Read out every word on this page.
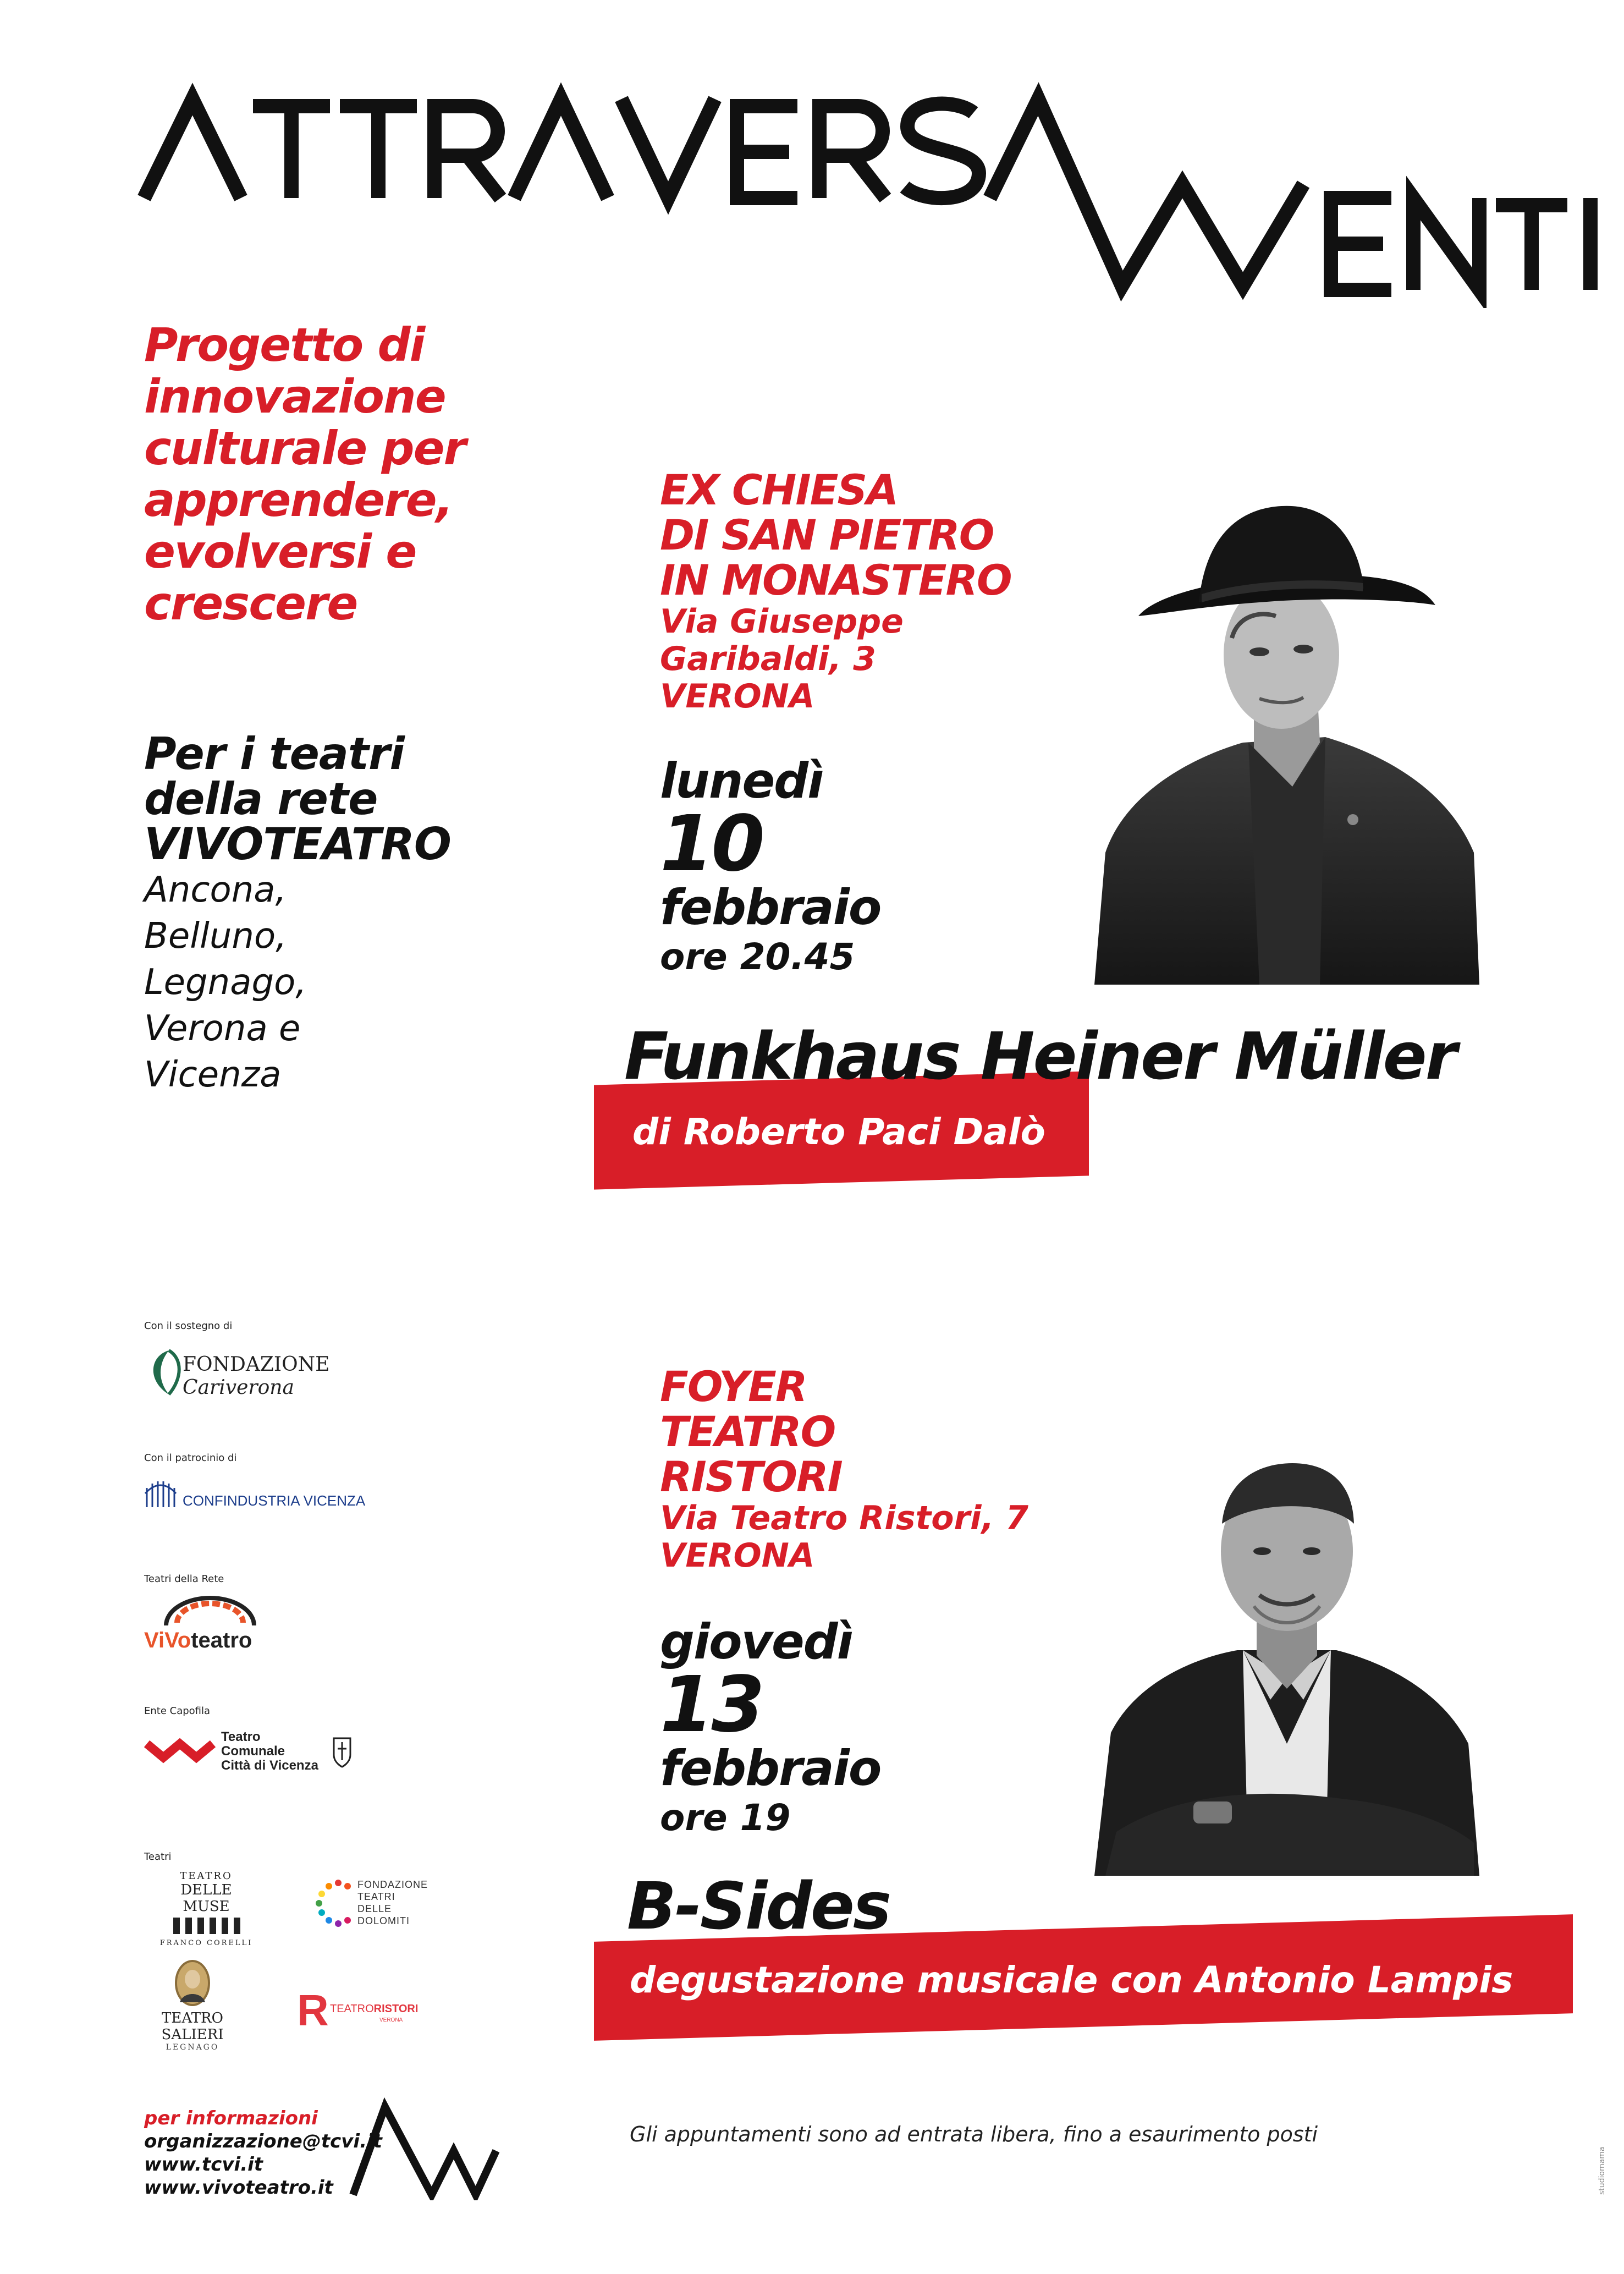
Progetto di
innovazione
culturale per
apprendere,
evolversi e
crescere
Per i teatri
della rete
VIVOTEATRO
Ancona,
Belluno,
Legnago,
Verona e
Vicenza
EX CHIESA
DI SAN PIETRO
IN MONASTERO
Via Giuseppe
Garibaldi, 3
VERONA
lunedì
10
febbraio
ore 20.45
Funkhaus Heiner Müller
di Roberto Paci Dalò
FOYER
TEATRO
RISTORI
Via Teatro Ristori, 7
VERONA
giovedì
13
febbraio
ore 19
B-Sides
degustazione musicale con Antonio Lampis
Con il sostegno di
FONDAZIONE
Cariverona
Con il patrocinio di
CONFINDUSTRIA VICENZA
Teatri della Rete
ViVoteatro
Ente Capofila
Teatro
Comunale
Città di Vicenza
Teatri
TEATRO
DELLE MUSE
FRANCO CORELLI
FONDAZIONE
TEATRI
DELLE
DOLOMITI
TEATRO SALIERI
LEGNAGO
R TEATRORISTORI
VERONA
per informazioni
organizzazione@tcvi.it
www.tcvi.it
www.vivoteatro.it
Gli appuntamenti sono ad entrata libera, fino a esaurimento posti
studiomama
